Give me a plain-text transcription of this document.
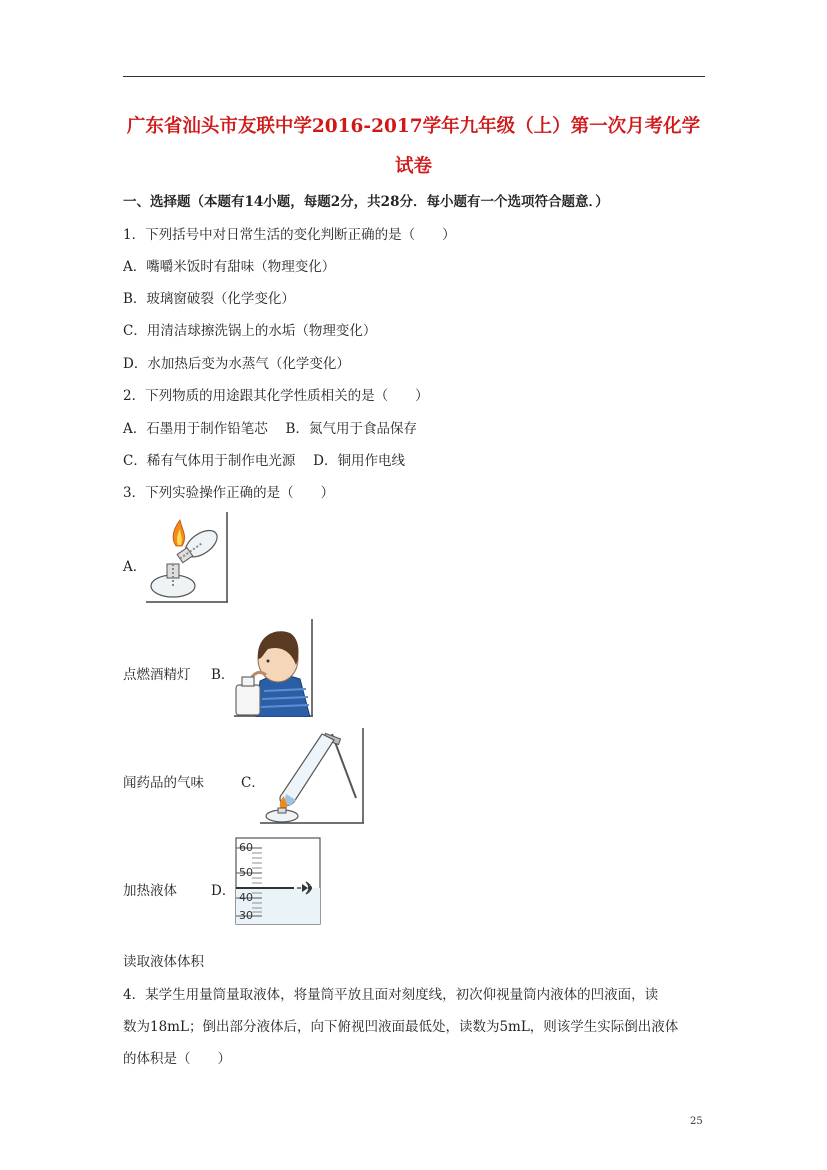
广东省汕头市友联中学2016-2017学年九年级（上）第一次月考化学
试卷
一、选择题（本题有14小题，每题2分，共28分．每小题有一个选项符合题意．）
1．下列括号中对日常生活的变化判断正确的是（　　）
A．嘴嚼米饭时有甜味（物理变化）
B．玻璃窗破裂（化学变化）
C．用清洁球擦洗锅上的水垢（物理变化）
D．水加热后变为水蒸气（化学变化）
2．下列物质的用途跟其化学性质相关的是（　　）
A．石墨用于制作铅笔芯　 B．氮气用于食品保存
C．稀有气体用于制作电光源　 D．铜用作电线
3．下列实验操作正确的是（　　）
A．
点燃酒精灯 B．
闻药品的气味	C．
加热液体	D．
60
50
40
30
读取液体体积
4．某学生用量筒量取液体，将量筒平放且面对刻度线，初次仰视量筒内液体的凹液面，读
数为18mL；倒出部分液体后，向下俯视凹液面最低处，读数为5mL，则该学生实际倒出液体
的体积是（　　）
25
